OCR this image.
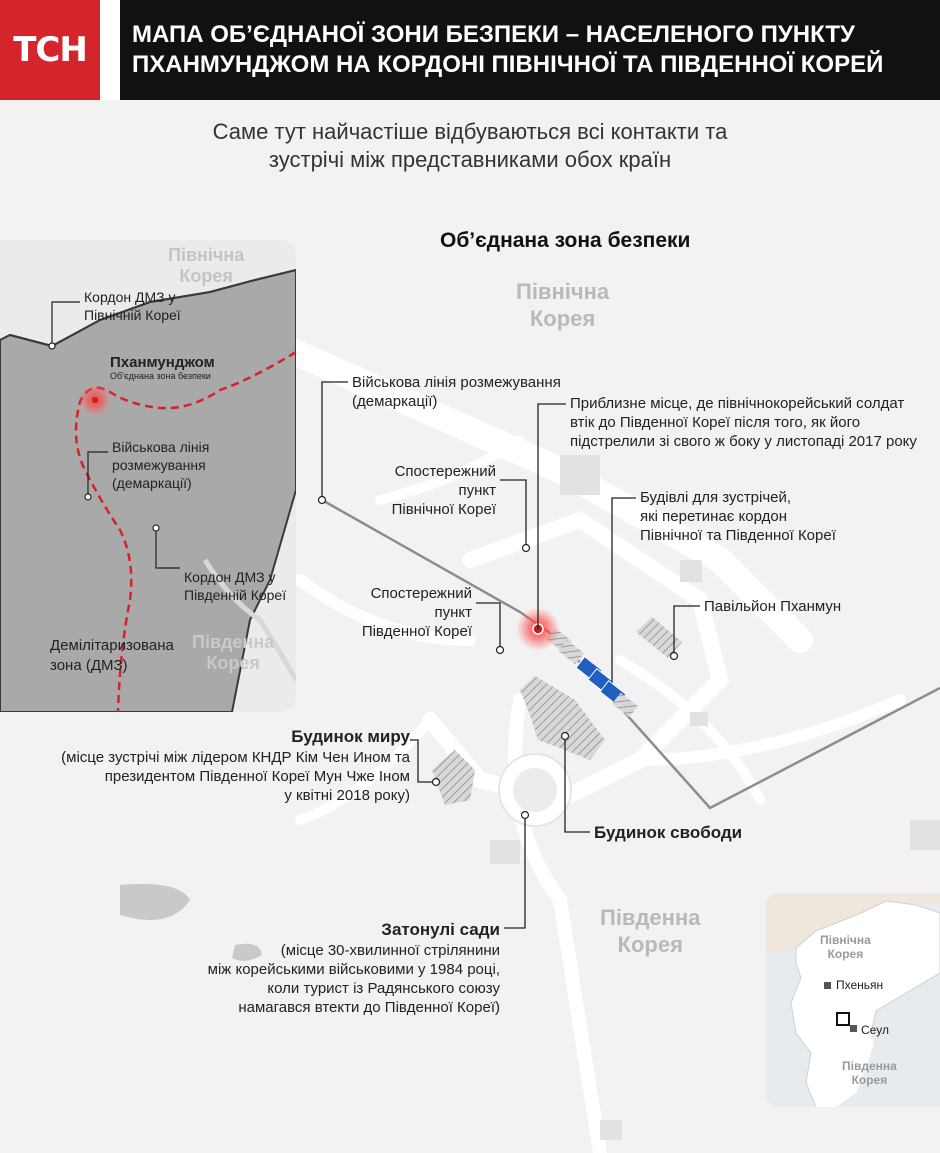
ТСН	МАПА ОБ’ЄДНАНОЇ ЗОНИ БЕЗПЕКИ – НАСЕЛЕНОГО ПУНКТУ
ПХАНМУНДЖОМ НА КОРДОНІ ПІВНІЧНОЇ ТА ПІВДЕННОЇ КОРЕЙ
Саме тут найчастіше відбуваються всі контакти та
зустрічі між представниками обох країн
Об’єднана зона безпеки
Північна
Корея
Південна
Корея
Військова лінія розмежування
(демаркації)	Приблизне місце, де північнокорейський солдат
втік до Південної Кореї після того, як його
підстрелили зі свого ж боку у листопаді 2017 року
Спостережний пункт
Північної Кореї
Спостережний пункт
Південної Кореї
Будівлі для зустрічей,
які перетинає кордон
Північної та Південної Кореї
Павільйон Пханмун
Будинок миру
(місце зустрічі між лідером КНДР Кім Чен Ином та
президентом Південної Кореї Мун Чже Іном
у квітні 2018 року)
Будинок свободи
Затонулі сади
(місце 30-хвилинної стрілянини
між корейськими військовими у 1984 році,
коли турист із Радянського союзу
намагався втекти до Південної Кореї)
Північна
Корея
Південна
Корея
Кордон ДМЗ у
Північній Кореї
Пханмунджом
Об’єднана зона безпеки
Військова лінія
розмежування
(демаркації)
Кордон ДМЗ у
Південній Кореї
Демілітаризована
зона (ДМЗ)
Північна
Корея
Пхеньян
Сеул
Південна
Корея
